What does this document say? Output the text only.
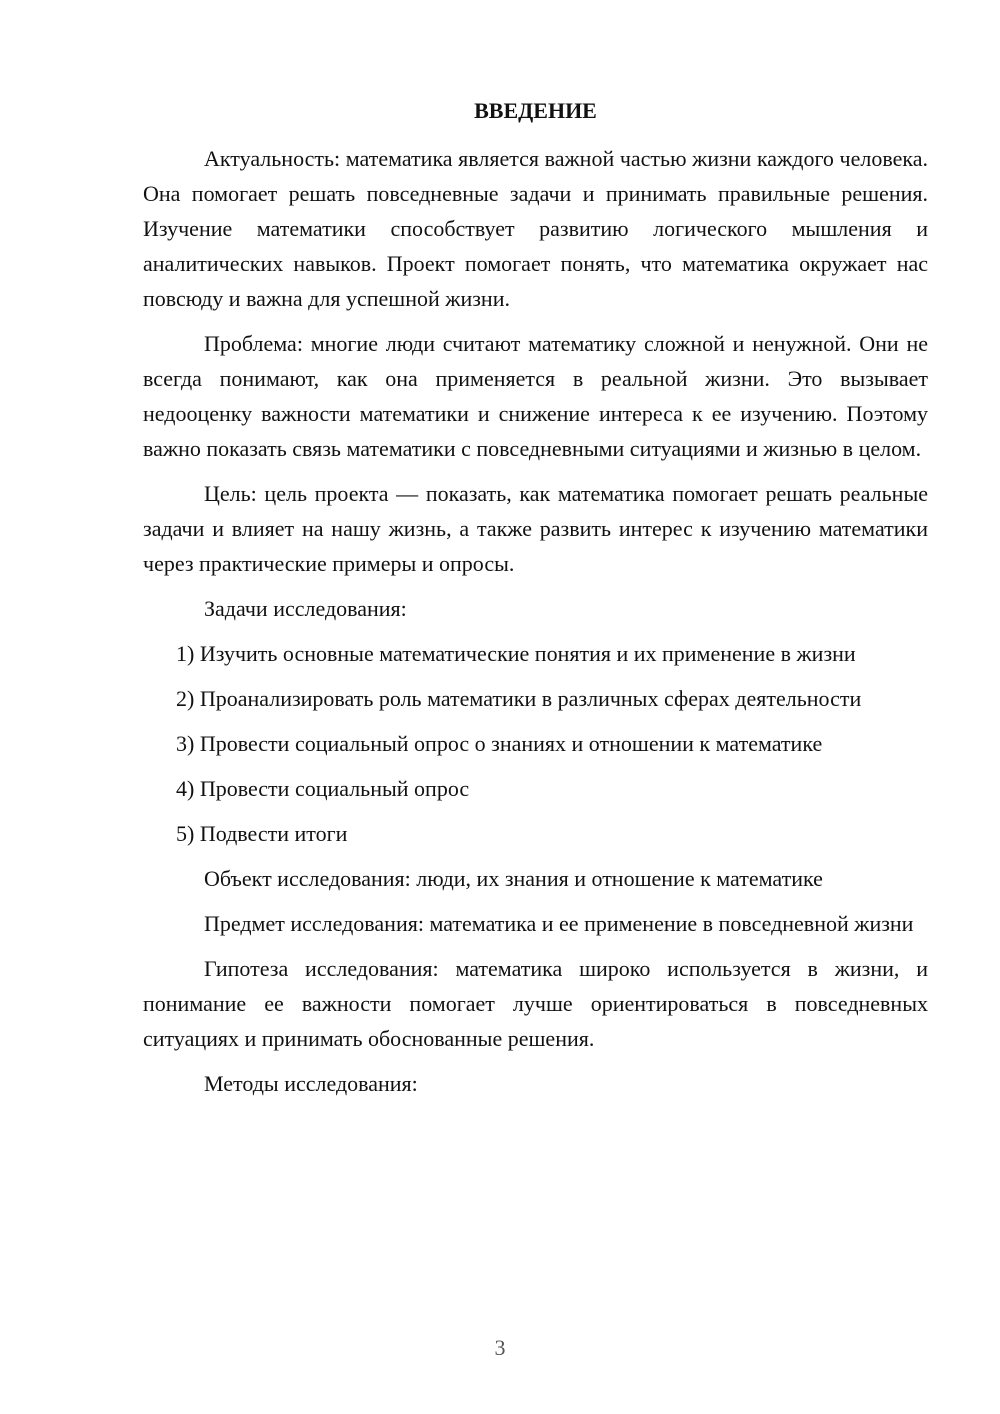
ВВЕДЕНИЕ

Актуальность: математика является важной частью жизни каждого человека. Она помогает решать повседневные задачи и принимать правильные решения. Изучение математики способствует развитию логического мышления и аналитических навыков. Проект помогает понять, что математика окружает нас повсюду и важна для успешной жизни.

Проблема: многие люди считают математику сложной и ненужной. Они не всегда понимают, как она применяется в реальной жизни. Это вызывает недооценку важности математики и снижение интереса к ее изучению. Поэтому важно показать связь математики с повседневными ситуациями и жизнью в целом.

Цель: цель проекта — показать, как математика помогает решать реальные задачи и влияет на нашу жизнь, а также развить интерес к изучению математики через практические примеры и опросы.

Задачи исследования:

1) Изучить основные математические понятия и их применение в жизни

2) Проанализировать роль математики в различных сферах деятельности

3) Провести социальный опрос о знаниях и отношении к математике

4) Провести социальный опрос

5) Подвести итоги

Объект исследования: люди, их знания и отношение к математике

Предмет исследования: математика и ее применение в повседневной жизни

Гипотеза исследования: математика широко используется в жизни, и понимание ее важности помогает лучше ориентироваться в повседневных ситуациях и принимать обоснованные решения.

Методы исследования:

3
